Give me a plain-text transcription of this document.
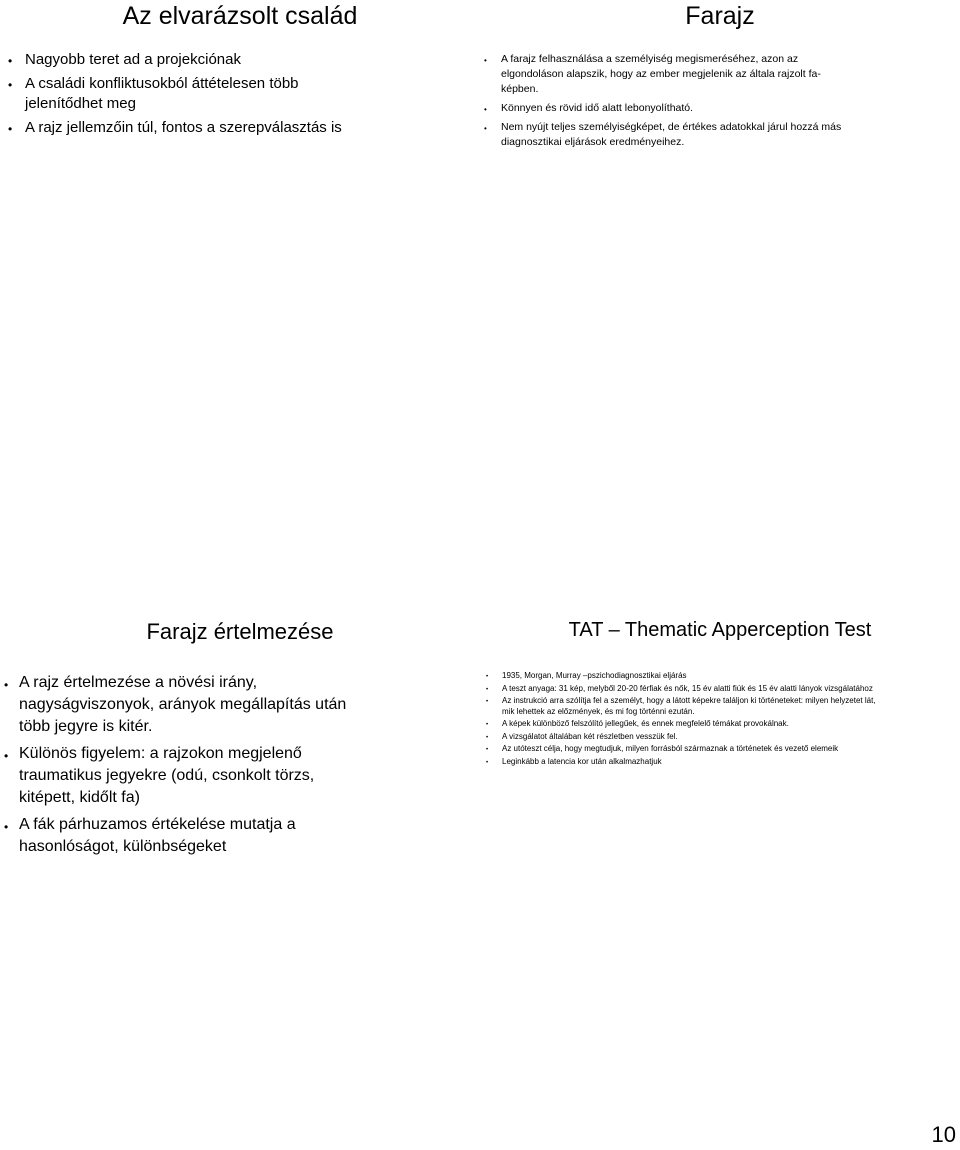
Az elvarázsolt család
• Nagyobb teret ad a projekciónak
• A családi konfliktusokból áttételesen több jelenítődhet meg
• A rajz jellemzőin túl, fontos a szerepválasztás is
Farajz
• A farajz felhasználása a személyiség megismeréséhez, azon az elgondoláson alapszik, hogy az ember megjelenik az általa rajzolt fa-képben.
• Könnyen és rövid idő alatt lebonyolítható.
• Nem nyújt teljes személyiségképet, de értékes adatokkal járul hozzá más diagnosztikai eljárások eredményeihez.
Farajz értelmezése
• A rajz értelmezése a növési irány, nagyságviszonyok, arányok megállapítás után több jegyre is kitér.
• Különös figyelem: a rajzokon megjelenő traumatikus jegyekre (odú, csonkolt törzs, kitépett, kidőlt fa)
• A fák párhuzamos értékelése mutatja a hasonlóságot, különbségeket
TAT – Thematic Apperception Test
• 1935, Morgan, Murray –pszichodiagnosztikai eljárás
• A teszt anyaga: 31 kép, melyből 20-20 férfiak és nők, 15 év alatti fiúk és 15 év alatti lányok vizsgálatához
• Az instrukció arra szólítja fel a személyt, hogy a látott képekre találjon ki történeteket: milyen helyzetet lát, mik lehettek az előzmények, és mi fog történni ezután.
• A képek különböző felszólító jellegűek, és ennek megfelelő témákat provokálnak.
• A vizsgálatot általában két részletben vesszük fel.
• Az utóteszt célja, hogy megtudjuk, milyen forrásból származnak a történetek és vezető elemeik
• Leginkább a latencia kor után alkalmazhatjuk
10
